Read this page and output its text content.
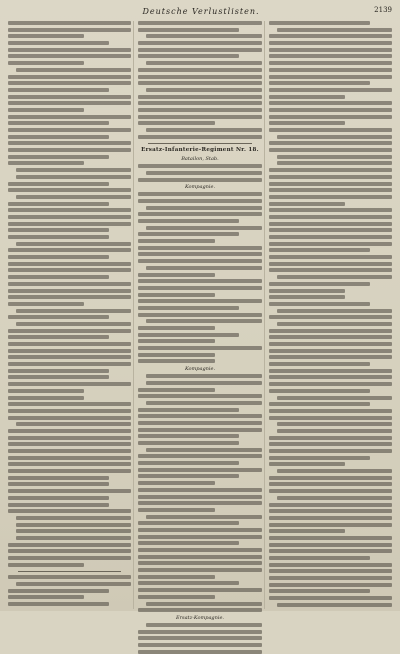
Deutsche Verlustlisten.	2139
Ersatz-Infanterie-Regiment Nr. 18.
Batailon, Stab.
Kompagnie.
Kompagnie.
Ersatz-Kompagnie.
